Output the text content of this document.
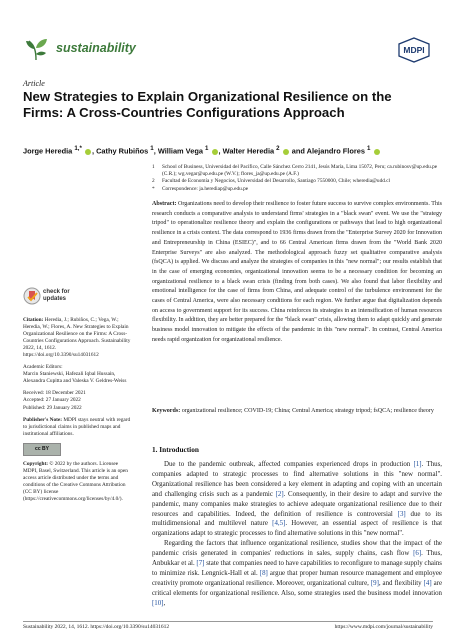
sustainability	MDPI
Article
New Strategies to Explain Organizational Resilience on the Firms: A Cross-Countries Configurations Approach
Jorge Heredia $^{1,*}$ , Cathy Rubiños $^1$, William Vega $^1$ , Walter Heredia $^2$  and Alejandro Flores $^1$
1	School of Business, Universidad del Pacífico, Calle Sánchez Cerro 2141, Jesús María, Lima 15072, Peru; ca.rubinosv@up.edu.pe (C.R.); wg.vegar@up.edu.pe (W.V.); flores_ja@up.edu.pe (A.F.)
2	Facultad de Economía y Negocios, Universidad del Desarrollo, Santiago 7550000, Chile; wheredia@udd.cl
*	Correspondence: ja.herediap@up.edu.pe
Abstract: Organizations need to develop their resilience to foster future success to survive complex environments. This research conducts a comparative analysis to understand firms' strategies in a "black swan" event. We use the "strategy tripod" to operationalize resilience theory and explain the configurations or pathways that lead to high organizational resilience in a crisis context. The data correspond to 1936 firms drawn from the "Enterprise Survey 2020 for Innovation and Entrepreneurship in China (ESIEC)", and to 66 Central American firms drawn from the "World Bank 2020 Enterprise Surveys" are also analyzed. The methodological approach fuzzy set qualitative comparative analysis (fsQCA) is applied. We discuss and analyze the strategies of companies in this "new normal"; our results establish that in the case of emerging economies, organizational innovation seems to be a necessary condition for becoming an organizational resilience to a black swan crisis (finding from both cases). We also found that labor flexibility and emotional intelligence for the case of firms from China, and adequate control of the turbulence environment for the cases of Central America, were also necessary conditions for each region. We further argue that digitalization depends on access to government support for its success. China reinforces its strategies in an intensification of human resources flexibility. In addition, they are better prepared for the "black swan" crisis, allowing them to adapt quickly and generate business model innovation to mitigate the effects of the pandemic in this "new normal". In contrast, Central America needs rapid organization for organizational resilience.
Keywords: organizational resilience; COVID-19; China; Central America; strategy tripod; fsQCA; resilience theory
check for
updates

Citation: Heredia, J.; Rubiños, C.; Vega, W.; Heredia, W.; Flores, A. New Strategies to Explain Organizational Resilience on the Firms: A Cross-Countries Configurations Approach. Sustainability 2022, 14, 1612. https://doi.org/10.3390/su14031612

Academic Editors:
Marcin Staniewski, Hafezali Iqbal Hussain, Alexandra Cupitta and Valeska V. Geldres-Weiss

Received: 18 December 2021
Accepted: 27 January 2022
Published: 29 January 2022

Publisher's Note: MDPI stays neutral with regard to jurisdictional claims in published maps and institutional affiliations.

cc BY

Copyright: © 2022 by the authors. Licensee MDPI, Basel, Switzerland. This article is an open access article distributed under the terms and conditions of the Creative Commons Attribution (CC BY) license (https://creativecommons.org/licenses/by/4.0/).

1. Introduction

Due to the pandemic outbreak, affected companies experienced drops in production [1]. Thus, companies adapted to strategic processes to find alternative solutions in this "new normal". Organizational resilience has been considered a key element in adapting and coping with an uncertain and challenging crisis such as a pandemic [2]. Consequently, in their desire to adapt and survive the pandemic, many companies make strategies to achieve adequate organizational resilience due to their resources and capabilities. Indeed, the definition of resilience is controversial [3] due to its multidimensional and multilevel nature [4,5]. However, an essential aspect of resilience is that organizations adapt to strategic processes to find alternative solutions in this "new normal".

Regarding the factors that influence organizational resilience, studies show that the impact of the pandemic crisis generated in companies' reductions in sales, supply chains, cash flow [6]. Thus, Anbukkar et al. [7] state that companies need to have capabilities to reconfigure to manage supply chains to minimize risk. Lengnick-Hall et al. [8] argue that proper human resource management and employee creativity promote organizational resilience. Moreover, organizational culture, [9], and flexibility [4] are critical elements for organizational resilience. Also, some strategies used the business model innovation [10],

Sustainability 2022, 14, 1612. https://doi.org/10.3390/su14031612	https://www.mdpi.com/journal/sustainability
